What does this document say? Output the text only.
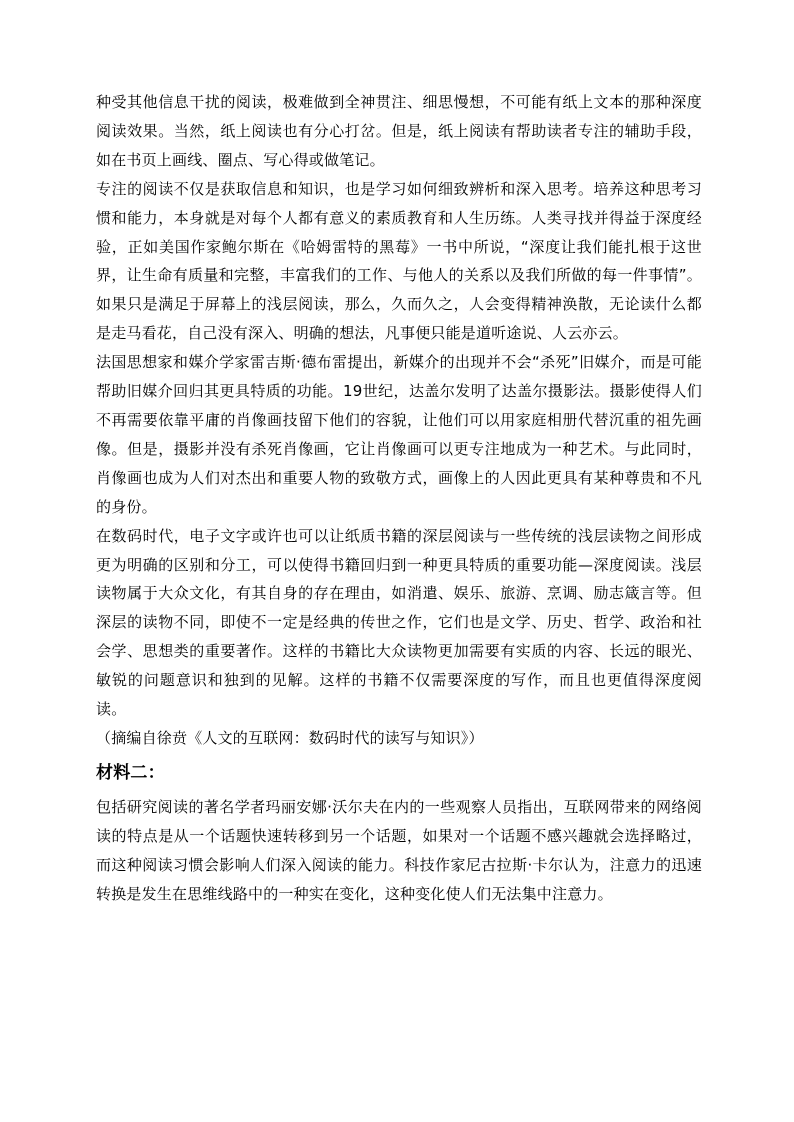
种受其他信息干扰的阅读，极难做到全神贯注、细思慢想，不可能有纸上文本的那种深度阅读效果。当然，纸上阅读也有分心打岔。但是，纸上阅读有帮助读者专注的辅助手段，如在书页上画线、圈点、写心得或做笔记。

专注的阅读不仅是获取信息和知识，也是学习如何细致辨析和深入思考。培养这种思考习惯和能力，本身就是对每个人都有意义的素质教育和人生历练。人类寻找并得益于深度经验，正如美国作家鲍尔斯在《哈姆雷特的黑莓》一书中所说，“深度让我们能扎根于这世界，让生命有质量和完整，丰富我们的工作、与他人的关系以及我们所做的每一件事情”。如果只是满足于屏幕上的浅层阅读，那么，久而久之，人会变得精神涣散，无论读什么都是走马看花，自己没有深入、明确的想法，凡事便只能是道听途说、人云亦云。

法国思想家和媒介学家雷吉斯·德布雷提出，新媒介的出现并不会“杀死”旧媒介，而是可能帮助旧媒介回归其更具特质的功能。19世纪，达盖尔发明了达盖尔摄影法。摄影使得人们不再需要依靠平庸的肖像画技留下他们的容貌，让他们可以用家庭相册代替沉重的祖先画像。但是，摄影并没有杀死肖像画，它让肖像画可以更专注地成为一种艺术。与此同时，肖像画也成为人们对杰出和重要人物的致敬方式，画像上的人因此更具有某种尊贵和不凡的身份。

在数码时代，电子文字或许也可以让纸质书籍的深层阅读与一些传统的浅层读物之间形成更为明确的区别和分工，可以使得书籍回归到一种更具特质的重要功能—深度阅读。浅层读物属于大众文化，有其自身的存在理由，如消遣、娱乐、旅游、烹调、励志箴言等。但深层的读物不同，即使不一定是经典的传世之作，它们也是文学、历史、哲学、政治和社会学、思想类的重要著作。这样的书籍比大众读物更加需要有实质的内容、长远的眼光、敏锐的问题意识和独到的见解。这样的书籍不仅需要深度的写作，而且也更值得深度阅读。

（摘编自徐贲《人文的互联网：数码时代的读写与知识》）

材料二：

包括研究阅读的著名学者玛丽安娜·沃尔夫在内的一些观察人员指出，互联网带来的网络阅读的特点是从一个话题快速转移到另一个话题，如果对一个话题不感兴趣就会选择略过，而这种阅读习惯会影响人们深入阅读的能力。科技作家尼古拉斯·卡尔认为，注意力的迅速转换是发生在思维线路中的一种实在变化，这种变化使人们无法集中注意力。
